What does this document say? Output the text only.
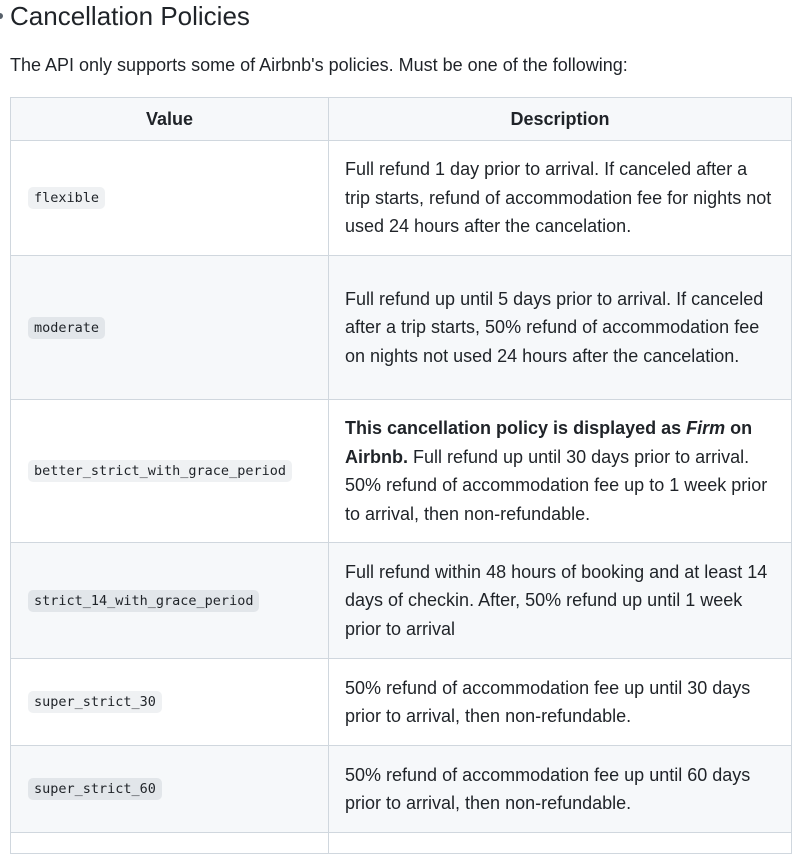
Cancellation Policies

The API only supports some of Airbnb's policies. Must be one of the following:

Value	Description
flexible	Full refund 1 day prior to arrival. If canceled after a trip starts, refund of accommodation fee for nights not used 24 hours after the cancelation.
moderate	Full refund up until 5 days prior to arrival. If canceled after a trip starts, 50% refund of accommodation fee on nights not used 24 hours after the cancelation.
better_strict_with_grace_period	This cancellation policy is displayed as Firm on Airbnb. Full refund up until 30 days prior to arrival. 50% refund of accommodation fee up to 1 week prior to arrival, then non-refundable.
strict_14_with_grace_period	Full refund within 48 hours of booking and at least 14 days of checkin. After, 50% refund up until 1 week prior to arrival
super_strict_30	50% refund of accommodation fee up until 30 days prior to arrival, then non-refundable.
super_strict_60	50% refund of accommodation fee up until 60 days prior to arrival, then non-refundable.
